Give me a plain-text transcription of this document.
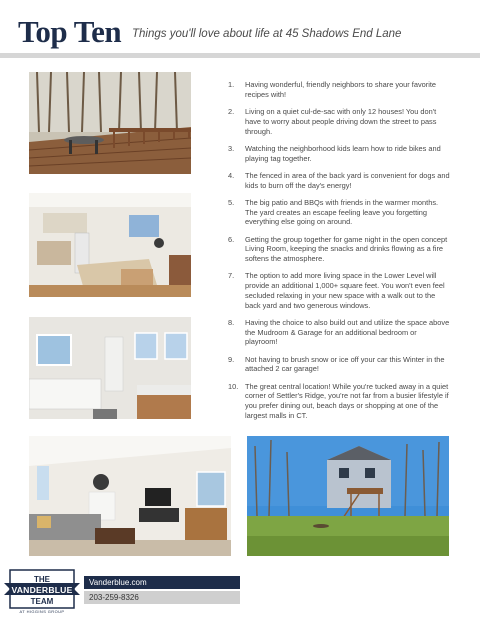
Top Ten Things you'll love about life at 45 Shadows End Lane
1. Having wonderful, friendly neighbors to share your favorite recipes with!
2. Living on a quiet cul-de-sac with only 12 houses! You don't have to worry about people driving down the street to pass through.
3. Watching the neighborhood kids learn how to ride bikes and playing tag together.
4. The fenced in area of the back yard is convenient for dogs and kids to burn off the day's energy!
5. The big patio and BBQs with friends in the warmer months. The yard creates an escape feeling leave you forgetting everything else going on around.
6. Getting the group together for game night in the open concept Living Room, keeping the snacks and drinks flowing as a fire softens the atmosphere.
7. The option to add more living space in the Lower Level will provide an additional 1,000+ square feet. You won't even feel secluded relaxing in your new space with a walk out to the back yard and two generous windows.
8. Having the choice to also build out and utilize the space above the Mudroom & Garage for an additional bedroom or playroom!
9. Not having to brush snow or ice off your car this Winter in the attached 2 car garage!
10. The great central location! While you're tucked away in a quiet corner of Settler's Ridge, you're not far from a busier lifestyle if you prefer dining out, beach days or shopping at one of the largest malls in CT.
THE
VANDERBLUE
TEAM
AT HIGGINS GROUP
Vanderblue.com
203-259-8326
